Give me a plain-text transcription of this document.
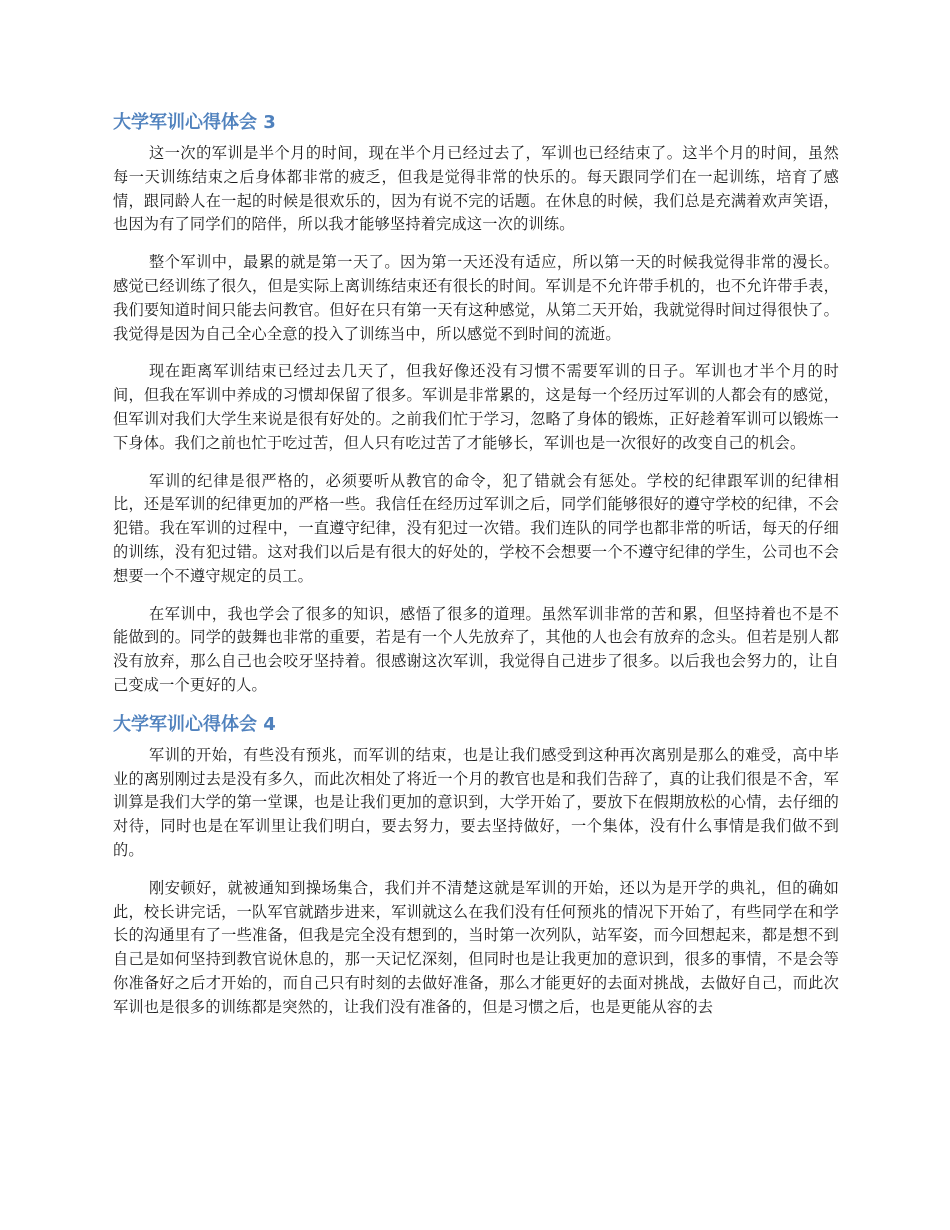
大学军训心得体会 3

这一次的军训是半个月的时间，现在半个月已经过去了，军训也已经结束了。这半个月的时间，虽然每一天训练结束之后身体都非常的疲乏，但我是觉得非常的快乐的。每天跟同学们在一起训练，培育了感情，跟同龄人在一起的时候是很欢乐的，因为有说不完的话题。在休息的时候，我们总是充满着欢声笑语，也因为有了同学们的陪伴，所以我才能够坚持着完成这一次的训练。

整个军训中，最累的就是第一天了。因为第一天还没有适应，所以第一天的时候我觉得非常的漫长。感觉已经训练了很久，但是实际上离训练结束还有很长的时间。军训是不允许带手机的，也不允许带手表，我们要知道时间只能去问教官。但好在只有第一天有这种感觉，从第二天开始，我就觉得时间过得很快了。我觉得是因为自己全心全意的投入了训练当中，所以感觉不到时间的流逝。

现在距离军训结束已经过去几天了，但我好像还没有习惯不需要军训的日子。军训也才半个月的时间，但我在军训中养成的习惯却保留了很多。军训是非常累的，这是每一个经历过军训的人都会有的感觉，但军训对我们大学生来说是很有好处的。之前我们忙于学习，忽略了身体的锻炼，正好趁着军训可以锻炼一下身体。我们之前也忙于吃过苦，但人只有吃过苦了才能够长，军训也是一次很好的改变自己的机会。

军训的纪律是很严格的，必须要听从教官的命令，犯了错就会有惩处。学校的纪律跟军训的纪律相比，还是军训的纪律更加的严格一些。我信任在经历过军训之后，同学们能够很好的遵守学校的纪律，不会犯错。我在军训的过程中，一直遵守纪律，没有犯过一次错。我们连队的同学也都非常的听话，每天的仔细的训练，没有犯过错。这对我们以后是有很大的好处的，学校不会想要一个不遵守纪律的学生，公司也不会想要一个不遵守规定的员工。

在军训中，我也学会了很多的知识，感悟了很多的道理。虽然军训非常的苦和累，但坚持着也不是不能做到的。同学的鼓舞也非常的重要，若是有一个人先放弃了，其他的人也会有放弃的念头。但若是别人都没有放弃，那么自己也会咬牙坚持着。很感谢这次军训，我觉得自己进步了很多。以后我也会努力的，让自己变成一个更好的人。

大学军训心得体会 4

军训的开始，有些没有预兆，而军训的结束，也是让我们感受到这种再次离别是那么的难受，高中毕业的离别刚过去是没有多久，而此次相处了将近一个月的教官也是和我们告辞了，真的让我们很是不舍，军训算是我们大学的第一堂课，也是让我们更加的意识到，大学开始了，要放下在假期放松的心情，去仔细的对待，同时也是在军训里让我们明白，要去努力，要去坚持做好，一个集体，没有什么事情是我们做不到的。

刚安顿好，就被通知到操场集合，我们并不清楚这就是军训的开始，还以为是开学的典礼，但的确如此，校长讲完话，一队军官就踏步进来，军训就这么在我们没有任何预兆的情况下开始了，有些同学在和学长的沟通里有了一些准备，但我是完全没有想到的，当时第一次列队，站军姿，而今回想起来，都是想不到自己是如何坚持到教官说休息的，那一天记忆深刻，但同时也是让我更加的意识到，很多的事情，不是会等你准备好之后才开始的，而自己只有时刻的去做好准备，那么才能更好的去面对挑战，去做好自己，而此次军训也是很多的训练都是突然的，让我们没有准备的，但是习惯之后，也是更能从容的去
